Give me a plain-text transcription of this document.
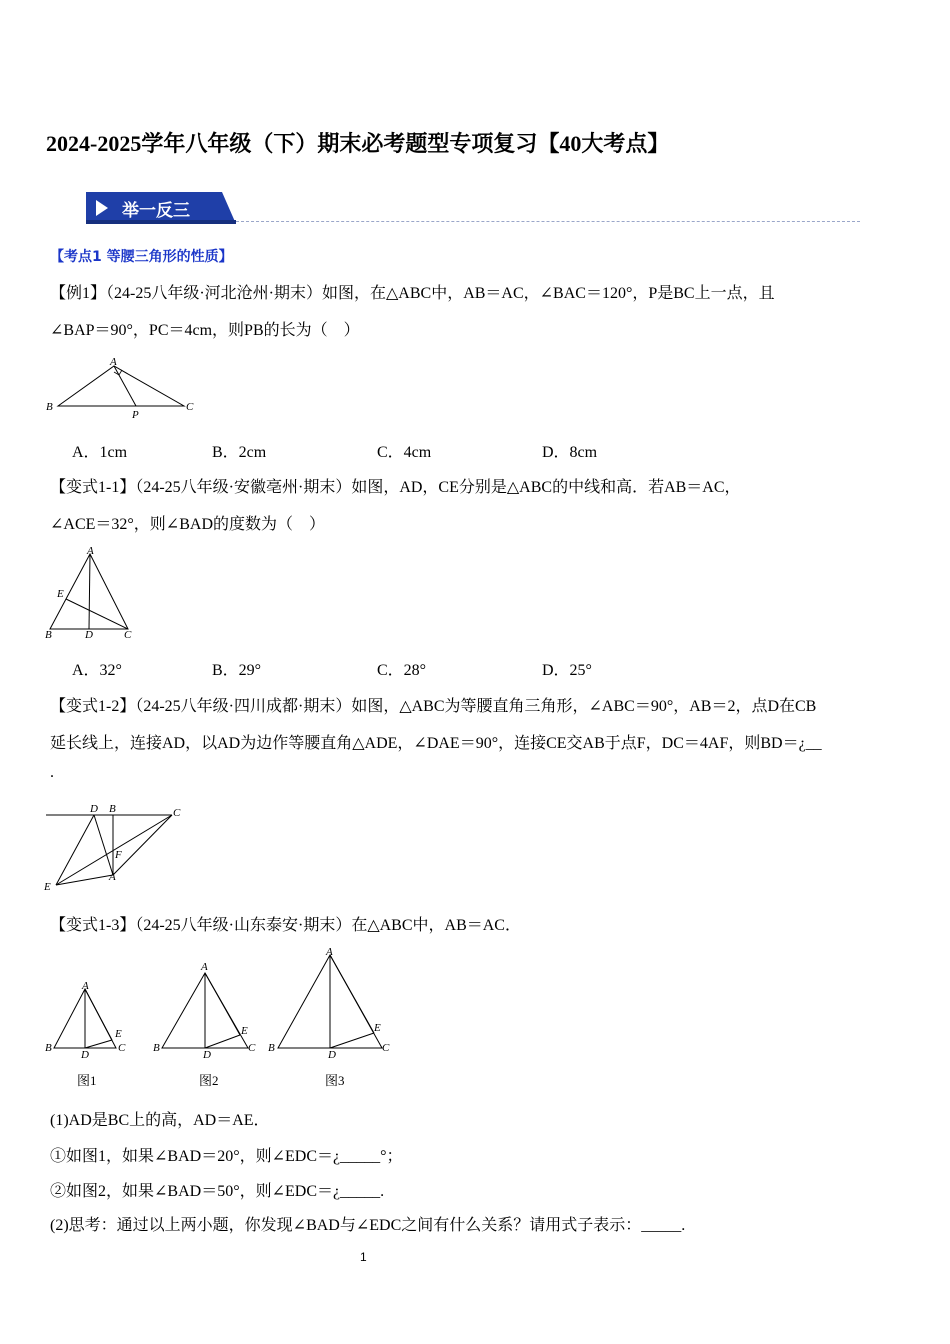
2024-2025学年八年级（下）期末必考题型专项复习【40大考点】
举一反三
【考点1 等腰三角形的性质】
【例1】（24-25八年级·河北沧州·期末）如图，在△ABC中，AB＝AC，∠BAC＝120°，P是BC上一点，且
∠BAP＝90°，PC＝4cm，则PB的长为（　）
A
B	C
P
A．1cm	B．2cm	C．4cm	D．8cm
【变式1-1】（24-25八年级·安徽亳州·期末）如图，AD，CE分别是△ABC的中线和高．若AB＝AC，
∠ACE＝32°，则∠BAD的度数为（　）
A
B	D	C
E
A．32°	B．29°	C．28°	D．25°
【变式1-2】（24-25八年级·四川成都·期末）如图，△ABC为等腰直角三角形，∠ABC＝90°，AB＝2，点D在CB
延长线上，连接AD，以AD为边作等腰直角△ADE，∠DAE＝90°，连接CE交AB于点F，DC＝4AF，则BD＝¿__
.
D B	C
F
A
E
【变式1-3】（24-25八年级·山东泰安·期末）在△ABC中，AB＝AC．
A
B
D
C
E
A
B
D
C
E
A
B
D
C
E
图1	图2	图3
(1)AD是BC上的高，AD＝AE．
①如图1，如果∠BAD＝20°，则∠EDC＝¿_____°；
②如图2，如果∠BAD＝50°，则∠EDC＝¿_____.
(2)思考：通过以上两小题，你发现∠BAD与∠EDC之间有什么关系？请用式子表示：_____.
1
